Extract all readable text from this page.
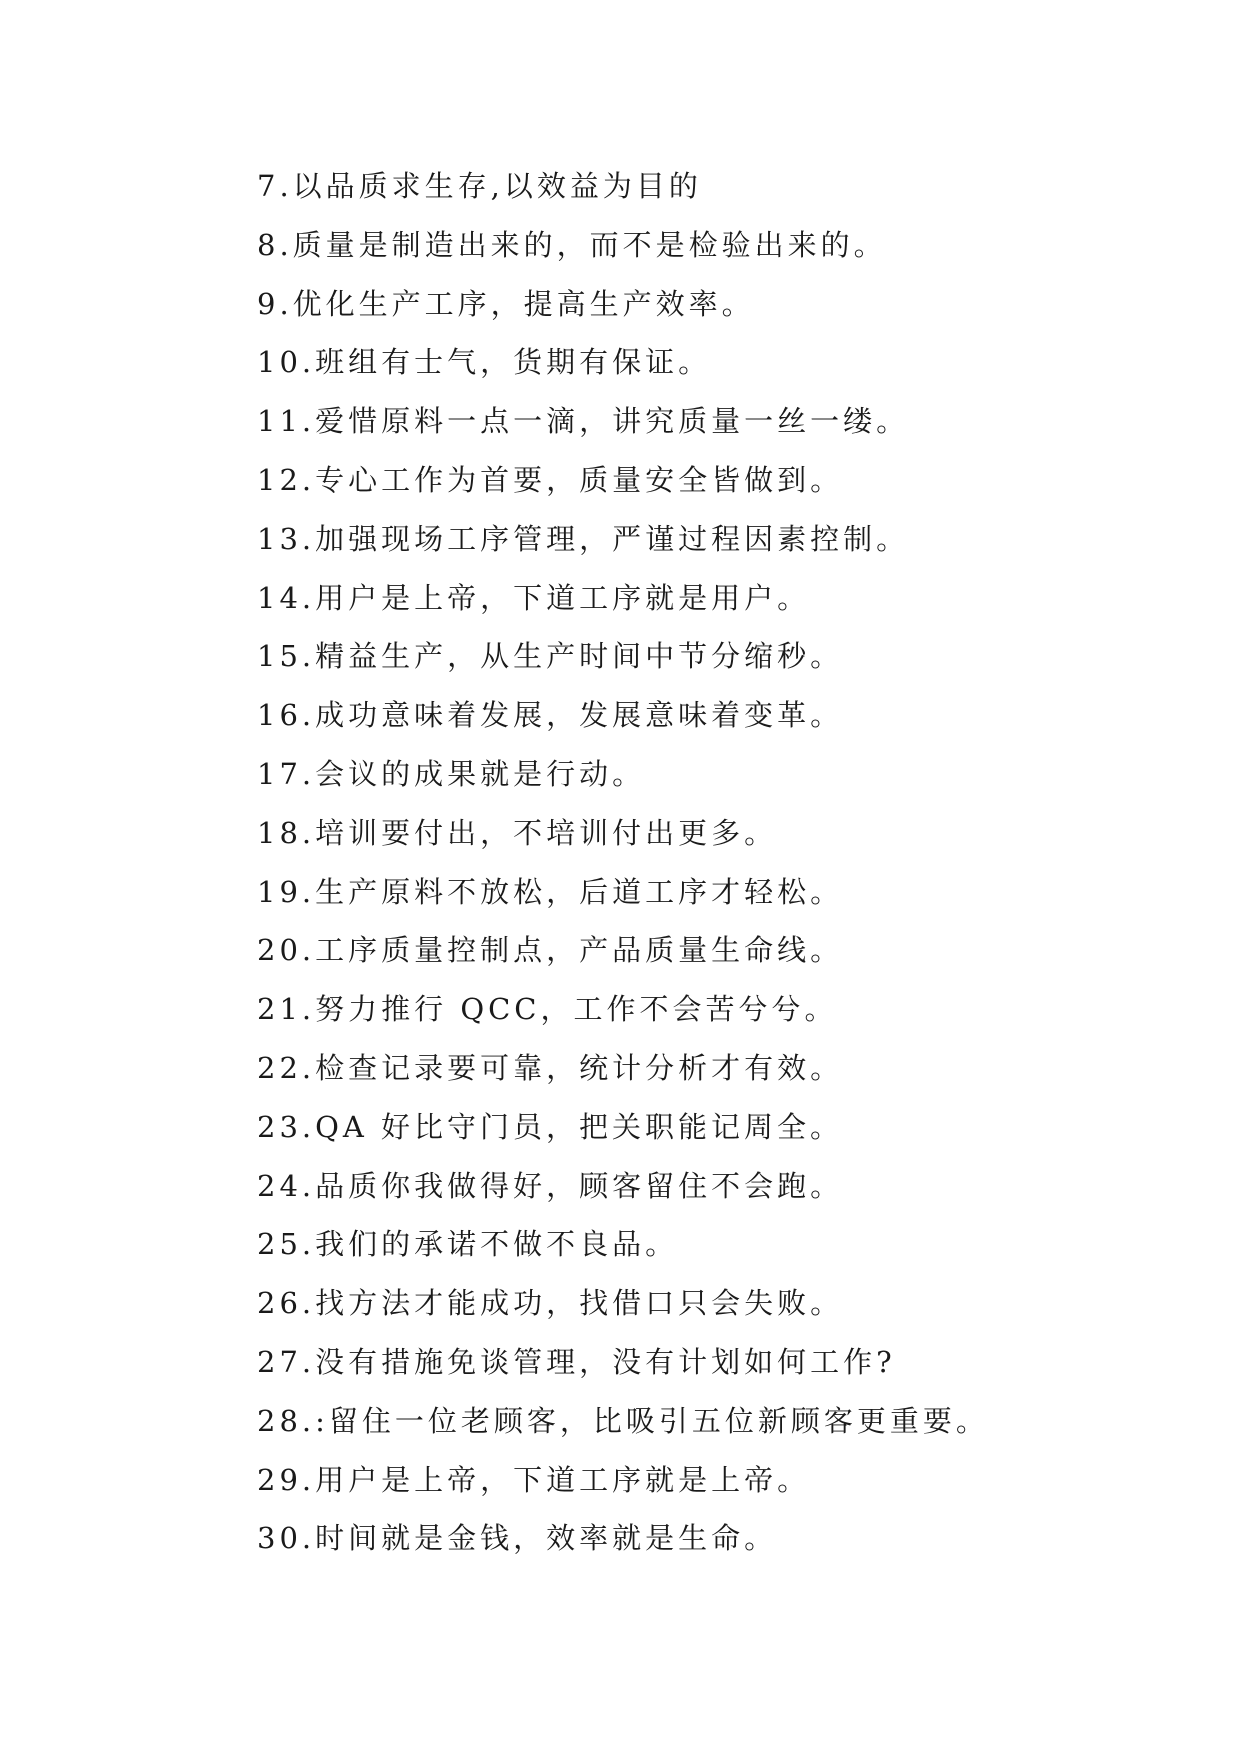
7.以品质求生存,以效益为目的
8.质量是制造出来的，而不是检验出来的。
9.优化生产工序，提高生产效率。
10.班组有士气，货期有保证。
11.爱惜原料一点一滴，讲究质量一丝一缕。
12.专心工作为首要，质量安全皆做到。
13.加强现场工序管理，严谨过程因素控制。
14.用户是上帝，下道工序就是用户。
15.精益生产，从生产时间中节分缩秒。
16.成功意味着发展，发展意味着变革。
17.会议的成果就是行动。
18.培训要付出，不培训付出更多。
19.生产原料不放松，后道工序才轻松。
20.工序质量控制点，产品质量生命线。
21.努力推行 QCC，工作不会苦兮兮。
22.检查记录要可靠，统计分析才有效。
23.QA 好比守门员，把关职能记周全。
24.品质你我做得好，顾客留住不会跑。
25.我们的承诺不做不良品。
26.找方法才能成功，找借口只会失败。
27.没有措施免谈管理，没有计划如何工作?
28.:留住一位老顾客，比吸引五位新顾客更重要。
29.用户是上帝，下道工序就是上帝。
30.时间就是金钱，效率就是生命。
